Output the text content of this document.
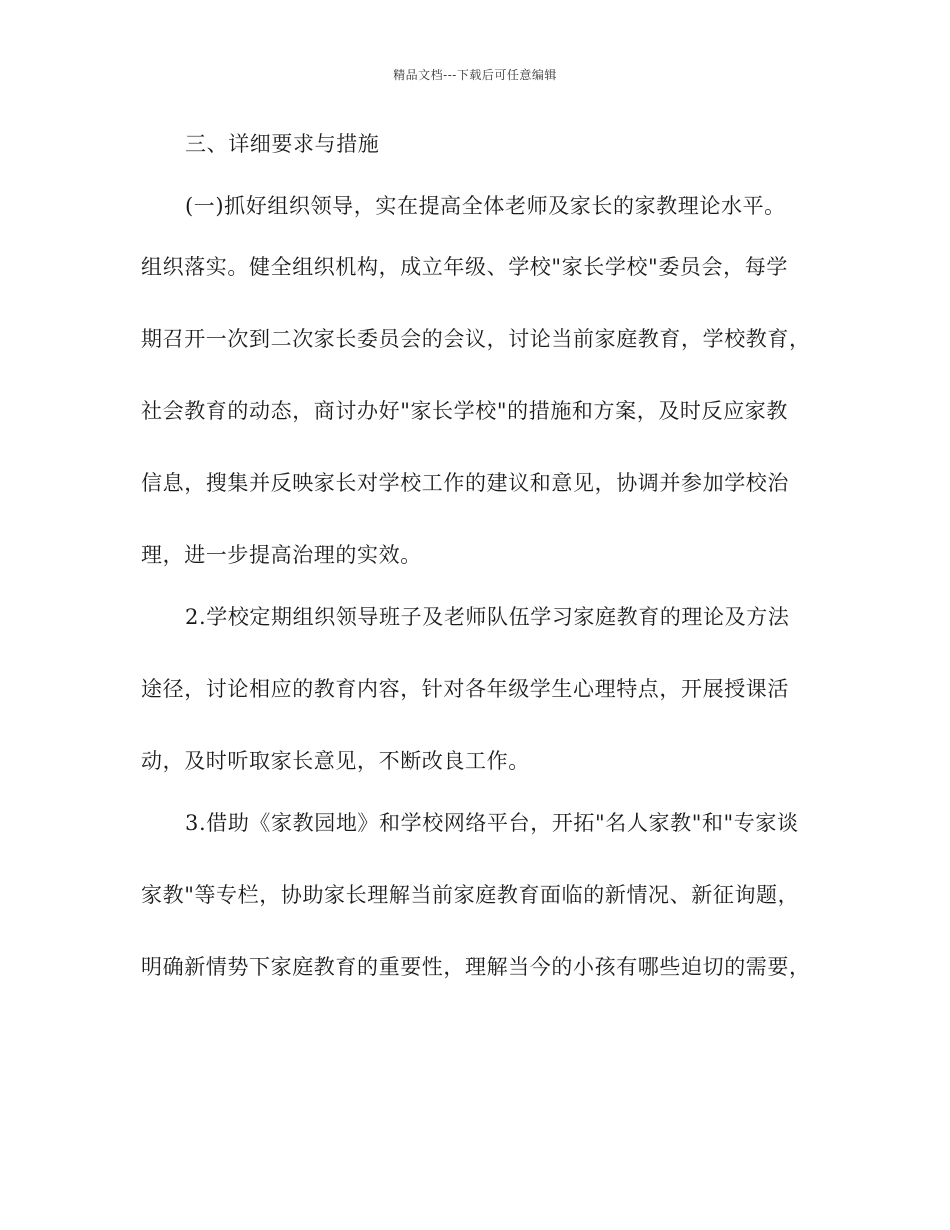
精品文档---下载后可任意编辑
三、详细要求与措施
(一)抓好组织领导，实在提高全体老师及家长的家教理论水平。
组织落实。健全组织机构，成立年级、学校"家长学校"委员会，每学
期召开一次到二次家长委员会的会议，讨论当前家庭教育，学校教育，
社会教育的动态，商讨办好"家长学校"的措施和方案，及时反应家教
信息，搜集并反映家长对学校工作的建议和意见，协调并参加学校治
理，进一步提高治理的实效。
2.学校定期组织领导班子及老师队伍学习家庭教育的理论及方法
途径，讨论相应的教育内容，针对各年级学生心理特点，开展授课活
动，及时听取家长意见，不断改良工作。
3.借助《家教园地》和学校网络平台，开拓"名人家教"和"专家谈
家教"等专栏，协助家长理解当前家庭教育面临的新情况、新征询题，
明确新情势下家庭教育的重要性，理解当今的小孩有哪些迫切的需要，
